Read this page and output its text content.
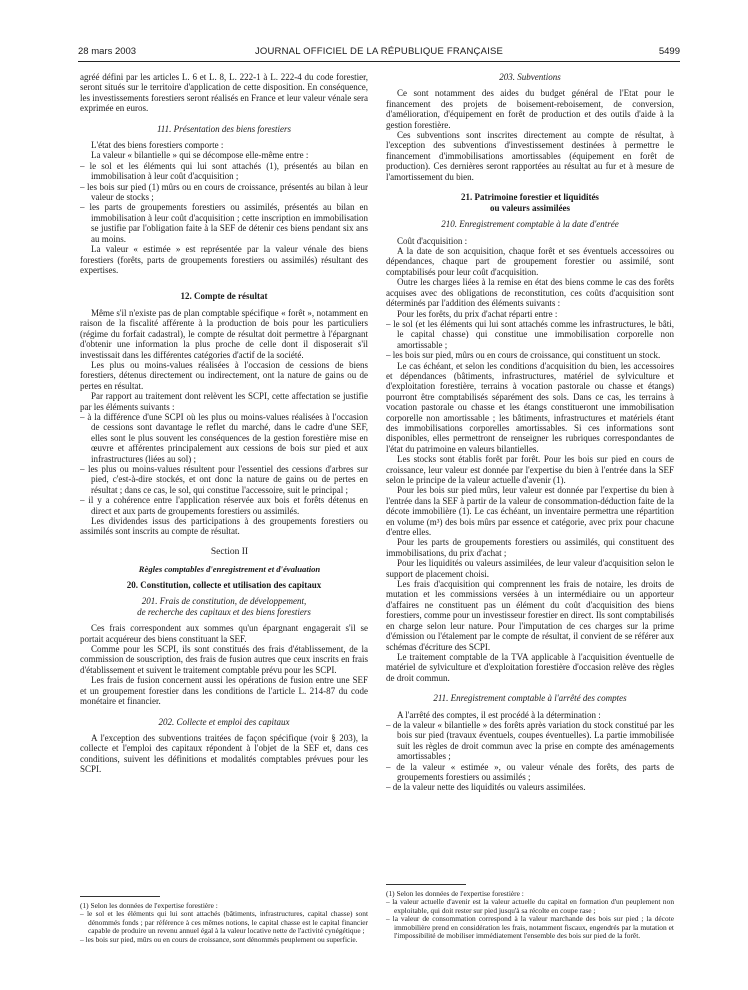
28 mars 2003	JOURNAL OFFICIEL DE LA RÉPUBLIQUE FRANÇAISE	5499

agréé défini par les articles L. 6 et L. 8, L. 222-1 à L. 222-4 du code forestier, seront situés sur le territoire d'application de cette disposition. En conséquence, les investissements forestiers seront réalisés en France et leur valeur vénale sera exprimée en euros.

111. Présentation des biens forestiers

L'état des biens forestiers comporte :

La valeur « bilantielle » qui se décompose elle-même entre :

– le sol et les éléments qui lui sont attachés (1), présentés au bilan en immobilisation à leur coût d'acquisition ;

– les bois sur pied (1) mûrs ou en cours de croissance, présentés au bilan à leur valeur de stocks ;

– les parts de groupements forestiers ou assimilés, présentés au bilan en immobilisation à leur coût d'acquisition ; cette inscription en immobilisation se justifie par l'obligation faite à la SEF de détenir ces biens pendant six ans au moins.

La valeur « estimée » est représentée par la valeur vénale des biens forestiers (forêts, parts de groupements forestiers ou assimilés) résultant des expertises.

12. Compte de résultat

Même s'il n'existe pas de plan comptable spécifique « forêt », notamment en raison de la fiscalité afférente à la production de bois pour les particuliers (régime du forfait cadastral), le compte de résultat doit permettre à l'épargnant d'obtenir une information la plus proche de celle dont il disposerait s'il investissait dans les différentes catégories d'actif de la société.

Les plus ou moins-values réalisées à l'occasion de cessions de biens forestiers, détenus directement ou indirectement, ont la nature de gains ou de pertes en résultat.

Par rapport au traitement dont relèvent les SCPI, cette affectation se justifie par les éléments suivants :

– à la différence d'une SCPI où les plus ou moins-values réalisées à l'occasion de cessions sont davantage le reflet du marché, dans le cadre d'une SEF, elles sont le plus souvent les conséquences de la gestion forestière mise en œuvre et afférentes principalement aux cessions de bois sur pied et aux infrastructures (liées au sol) ;

– les plus ou moins-values résultent pour l'essentiel des cessions d'arbres sur pied, c'est-à-dire stockés, et ont donc la nature de gains ou de pertes en résultat ; dans ce cas, le sol, qui constitue l'accessoire, suit le principal ;

– il y a cohérence entre l'application réservée aux bois et forêts détenus en direct et aux parts de groupements forestiers ou assimilés.

Les dividendes issus des participations à des groupements forestiers ou assimilés sont inscrits au compte de résultat.

Section II

Règles comptables d'enregistrement et d'évaluation

20. Constitution, collecte et utilisation des capitaux
201. Frais de constitution, de développement,
de recherche des capitaux et des biens forestiers

Ces frais correspondent aux sommes qu'un épargnant engagerait s'il se portait acquéreur des biens constituant la SEF.

Comme pour les SCPI, ils sont constitués des frais d'établissement, de la commission de souscription, des frais de fusion autres que ceux inscrits en frais d'établissement et suivent le traitement comptable prévu pour les SCPI.

Les frais de fusion concernent aussi les opérations de fusion entre une SEF et un groupement forestier dans les conditions de l'article L. 214-87 du code monétaire et financier.

202. Collecte et emploi des capitaux

A l'exception des subventions traitées de façon spécifique (voir § 203), la collecte et l'emploi des capitaux répondent à l'objet de la SEF et, dans ces conditions, suivent les définitions et modalités comptables prévues pour les SCPI.

(1) Selon les données de l'expertise forestière :

– le sol et les éléments qui lui sont attachés (bâtiments, infrastructures, capital chasse) sont dénommés fonds ; par référence à ces mêmes notions, le capital chasse est le capital financier capable de produire un revenu annuel égal à la valeur locative nette de l'activité cynégétique ;

– les bois sur pied, mûrs ou en cours de croissance, sont dénommés peuplement ou superficie.

203. Subventions

Ce sont notamment des aides du budget général de l'Etat pour le financement des projets de boisement-reboisement, de conversion, d'amélioration, d'équipement en forêt de production et des outils d'aide à la gestion forestière.

Ces subventions sont inscrites directement au compte de résultat, à l'exception des subventions d'investissement destinées à permettre le financement d'immobilisations amortissables (équipement en forêt de production). Ces dernières seront rapportées au résultat au fur et à mesure de l'amortissement du bien.

21. Patrimoine forestier et liquidités
ou valeurs assimilées
210. Enregistrement comptable à la date d'entrée

Coût d'acquisition :

A la date de son acquisition, chaque forêt et ses éventuels accessoires ou dépendances, chaque part de groupement forestier ou assimilé, sont comptabilisés pour leur coût d'acquisition.

Outre les charges liées à la remise en état des biens comme le cas des forêts acquises avec des obligations de reconstitution, ces coûts d'acquisition sont déterminés par l'addition des éléments suivants :

Pour les forêts, du prix d'achat réparti entre :

– le sol (et les éléments qui lui sont attachés comme les infrastructures, le bâti, le capital chasse) qui constitue une immobilisation corporelle non amortissable ;

– les bois sur pied, mûrs ou en cours de croissance, qui constituent un stock.

Le cas échéant, et selon les conditions d'acquisition du bien, les accessoires et dépendances (bâtiments, infrastructures, matériel de sylviculture et d'exploitation forestière, terrains à vocation pastorale ou chasse et étangs) pourront être comptabilisés séparément des sols. Dans ce cas, les terrains à vocation pastorale ou chasse et les étangs constitueront une immobilisation corporelle non amortissable ; les bâtiments, infrastructures et matériels étant des immobilisations corporelles amortissables. Si ces informations sont disponibles, elles permettront de renseigner les rubriques correspondantes de l'état du patrimoine en valeurs bilantielles.

Les stocks sont établis forêt par forêt. Pour les bois sur pied en cours de croissance, leur valeur est donnée par l'expertise du bien à l'entrée dans la SEF selon le principe de la valeur actuelle d'avenir (1).

Pour les bois sur pied mûrs, leur valeur est donnée par l'expertise du bien à l'entrée dans la SEF à partir de la valeur de consommation-déduction faite de la décote immobilière (1). Le cas échéant, un inventaire permettra une répartition en volume (m³) des bois mûrs par essence et catégorie, avec prix pour chacune d'entre elles.

Pour les parts de groupements forestiers ou assimilés, qui constituent des immobilisations, du prix d'achat ;

Pour les liquidités ou valeurs assimilées, de leur valeur d'acquisition selon le support de placement choisi.

Les frais d'acquisition qui comprennent les frais de notaire, les droits de mutation et les commissions versées à un intermédiaire ou un apporteur d'affaires ne constituent pas un élément du coût d'acquisition des biens forestiers, comme pour un investisseur forestier en direct. Ils sont comptabilisés en charge selon leur nature. Pour l'imputation de ces charges sur la prime d'émission ou l'étalement par le compte de résultat, il convient de se référer aux schémas d'écriture des SCPI.

Le traitement comptable de la TVA applicable à l'acquisition éventuelle de matériel de sylviculture et d'exploitation forestière d'occasion relève des règles de droit commun.

211. Enregistrement comptable à l'arrêté des comptes

A l'arrêté des comptes, il est procédé à la détermination :

– de la valeur « bilantielle » des forêts après variation du stock constitué par les bois sur pied (travaux éventuels, coupes éventuelles). La partie immobilisée suit les règles de droit commun avec la prise en compte des aménagements amortissables ;

– de la valeur « estimée », ou valeur vénale des forêts, des parts de groupements forestiers ou assimilés ;

– de la valeur nette des liquidités ou valeurs assimilées.

(1) Selon les données de l'expertise forestière :

– la valeur actuelle d'avenir est la valeur actuelle du capital en formation d'un peuplement non exploitable, qui doit rester sur pied jusqu'à sa récolte en coupe rase ;

– la valeur de consommation correspond à la valeur marchande des bois sur pied ; la décote immobilière prend en considération les frais, notamment fiscaux, engendrés par la mutation et l'impossibilité de mobiliser immédiatement l'ensemble des bois sur pied de la forêt.
